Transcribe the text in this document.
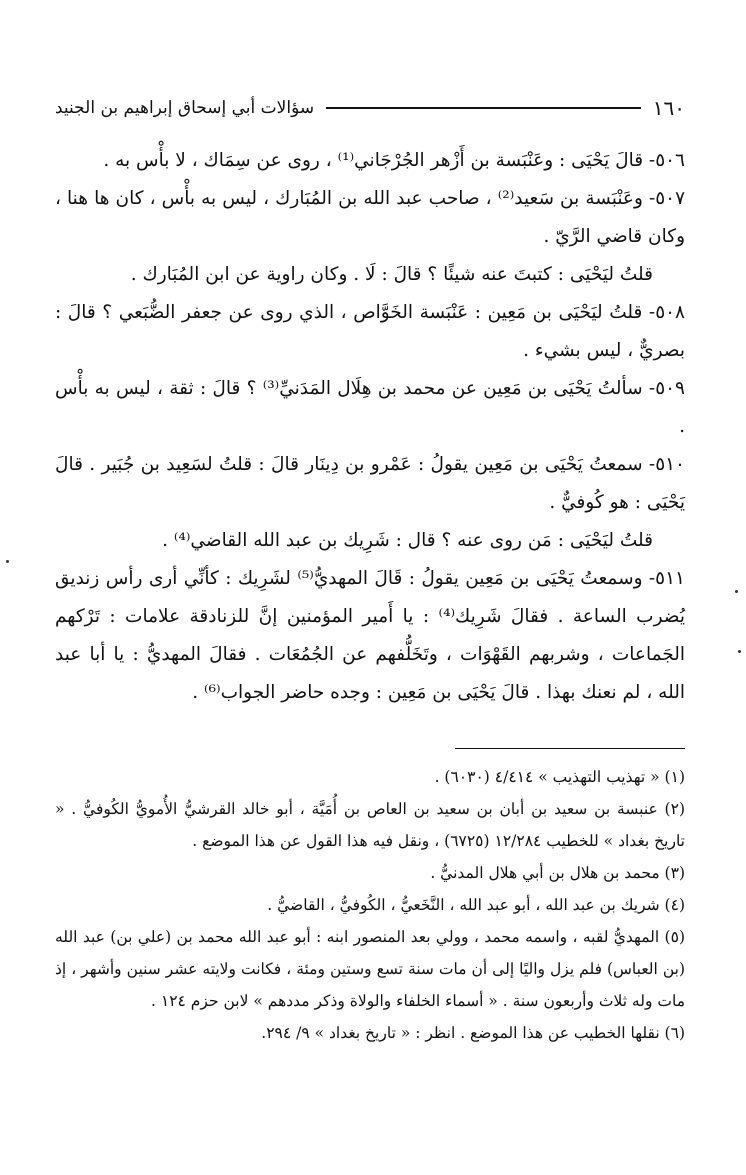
١٦٠
سؤالات أبي إسحاق إبراهيم بن الجنيد

٥٠٦- قالَ يَحْيَى : وعَنْبَسة بن أَزْهر الجُرْجَاني⁽¹⁾ ، روى عن سِمَاك ، لا بأْس به .

٥٠٧- وعَنْبَسة بن سَعيد⁽²⁾ ، صاحب عبد الله بن المُبَارك ، ليس به بأْس ، كان ها هنا ، وكان قاضي الرَّيّ .

قلتُ ليَحْيَى : كتبتَ عنه شيئًا ؟ قالَ : لَا . وكان راوية عن ابن المُبَارك .

٥٠٨- قلتُ ليَحْيَى بن مَعِين : عَنْبَسة الخَوَّاص ، الذي روى عن جعفر الضُّبَعي ؟ قالَ : بصريٌّ ، ليس بشيء .

٥٠٩- سألتُ يَحْيَى بن مَعِين عن محمد بن هِلَال المَدَنيِّ⁽³⁾ ؟ قالَ : ثقة ، ليس به بأْس .

٥١٠- سمعتُ يَحْيَى بن مَعِين يقولُ : عَمْرو بن دِينَار قالَ : قلتُ لسَعِيد بن جُبَير . قالَ يَحْيَى : هو كُوفيٌّ .

قلتُ ليَحْيَى : مَن روى عنه ؟ قال : شَرِيك بن عبد الله القاضي⁽⁴⁾ .

٥١١- وسمعتُ يَحْيَى بن مَعِين يقولُ : قَالَ المهديُّ⁽⁵⁾ لشَرِيك : كأنِّي أرى رأس زنديق يُضرب الساعة . فقالَ شَرِيك⁽⁴⁾ : يا أَمير المؤمنين إنَّ للزنادقة علامات : تَرْكهم الجَماعات ، وشربهم القَهْوَات ، وتَخَلُّفهم عن الجُمُعَات . فقالَ المهديُّ : يا أبا عبد الله ، لم نعنك بهذا . قالَ يَحْيَى بن مَعِين : وجده حاضر الجواب⁽⁶⁾ .

(١) « تهذيب التهذيب » ٤/٤١٤ (٦٠٣٠) .

(٢) عنبسة بن سعيد بن أبان بن سعيد بن العاص بن أُمَيَّة ، أبو خالد القرشيُّ الأُمويُّ الكُوفيُّ . « تاريخ بغداد » للخطيب ١٢/٢٨٤ (٦٧٢٥) ، ونقل فيه هذا القول عن هذا الموضع .

(٣) محمد بن هلال بن أبي هلال المدنيُّ .

(٤) شريك بن عبد الله ، أبو عبد الله ، النَّخَعيُّ ، الكُوفيُّ ، القاضيُّ .

(٥) المهديُّ لقبه ، واسمه محمد ، وولي بعد المنصور ابنه : أبو عبد الله محمد بن (علي بن) عبد الله (بن العباس) فلم يزل واليًا إلى أن مات سنة تسع وستين ومئة ، فكانت ولايته عشر سنين وأشهر ، إذ مات وله ثلاث وأربعون سنة . « أسماء الخلفاء والولاة وذكر مددهم » لابن حزم ١٢٤ .

(٦) نقلها الخطيب عن هذا الموضع . انظر : « تاريخ بغداد » ٩/ ٢٩٤.
